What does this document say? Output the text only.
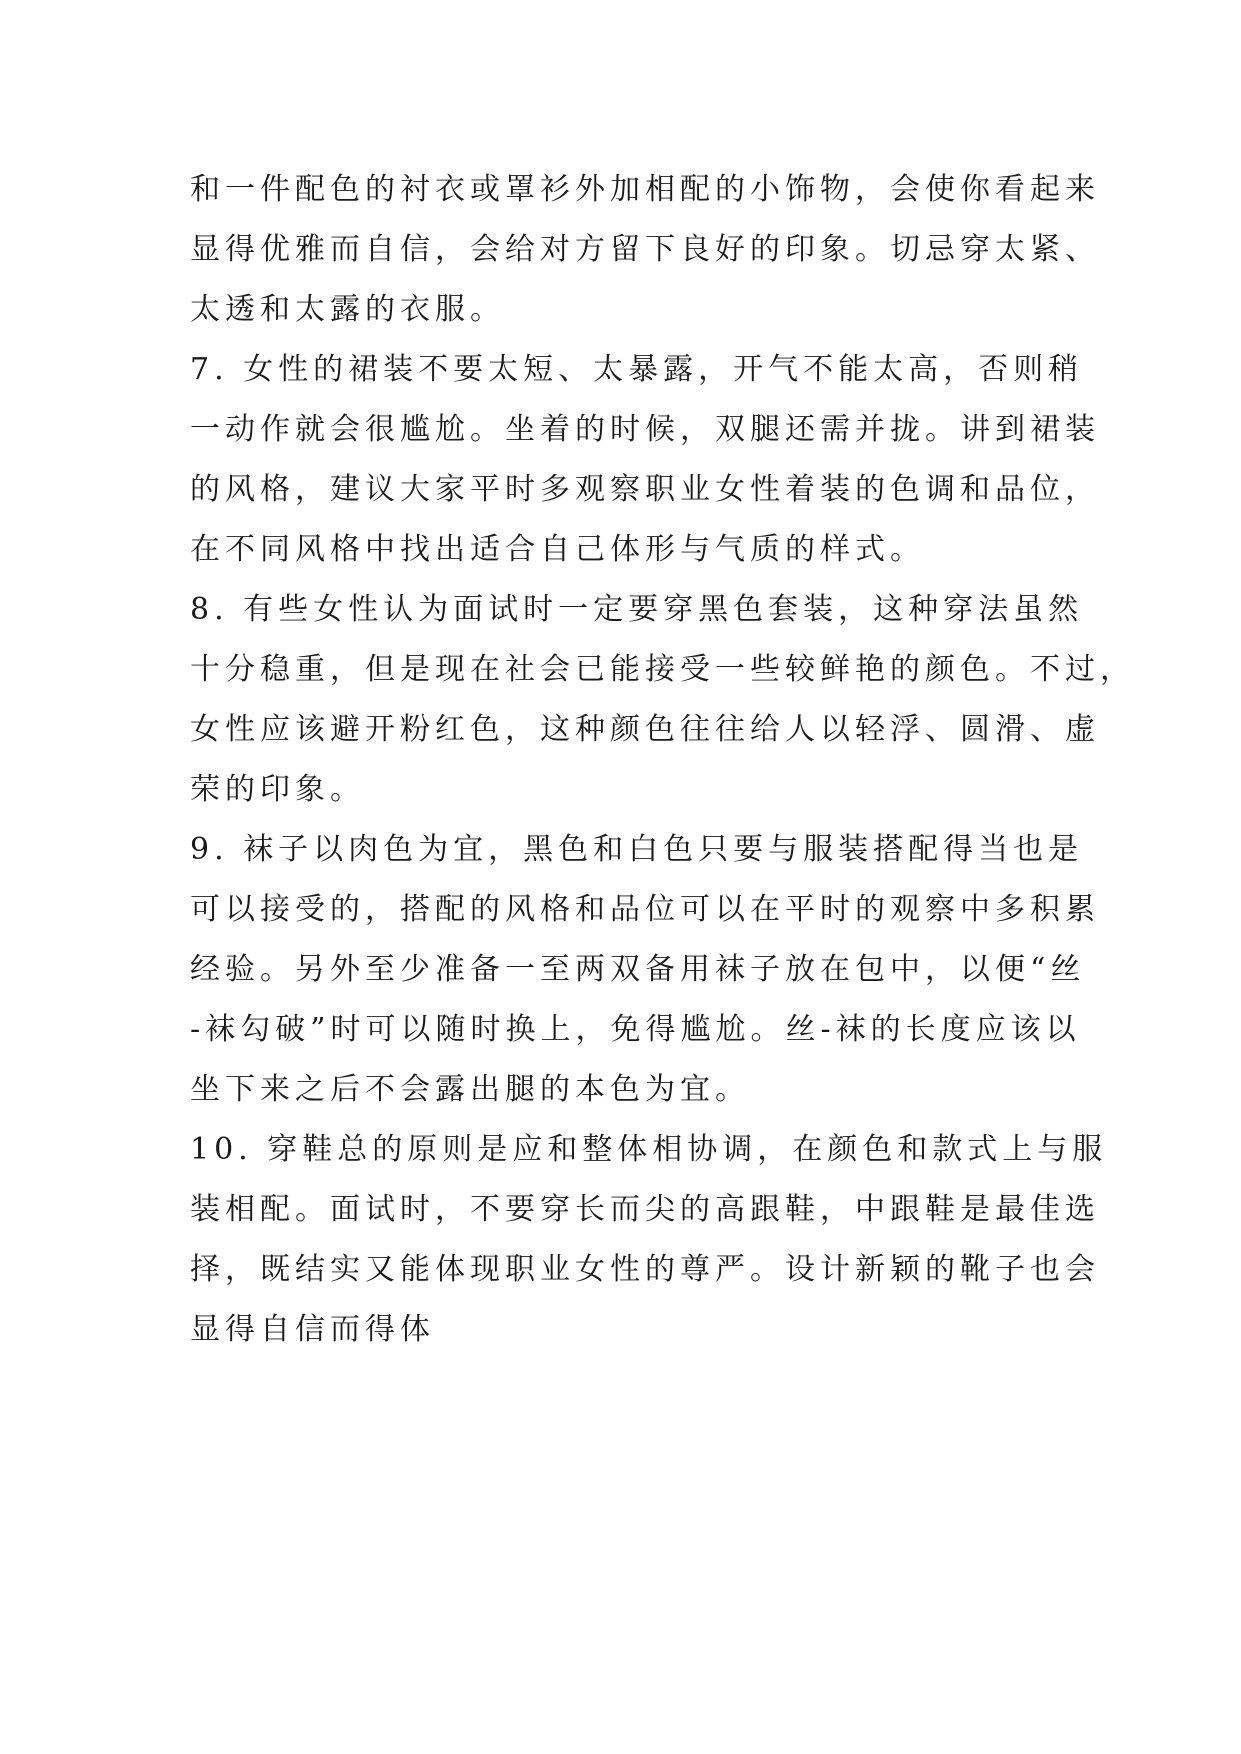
和一件配色的衬衣或罩衫外加相配的小饰物，会使你看起来
显得优雅而自信，会给对方留下良好的印象。切忌穿太紧、
太透和太露的衣服。
7. 女性的裙装不要太短、太暴露，开气不能太高，否则稍
一动作就会很尴尬。坐着的时候，双腿还需并拢。讲到裙装
的风格，建议大家平时多观察职业女性着装的色调和品位，
在不同风格中找出适合自己体形与气质的样式。
8. 有些女性认为面试时一定要穿黑色套装，这种穿法虽然
十分稳重，但是现在社会已能接受一些较鲜艳的颜色。不过，
女性应该避开粉红色，这种颜色往往给人以轻浮、圆滑、虚
荣的印象。
9. 袜子以肉色为宜，黑色和白色只要与服装搭配得当也是
可以接受的，搭配的风格和品位可以在平时的观察中多积累
经验。另外至少准备一至两双备用袜子放在包中，以便“丝
-袜勾破”时可以随时换上，免得尴尬。丝-袜的长度应该以
坐下来之后不会露出腿的本色为宜。
10. 穿鞋总的原则是应和整体相协调，在颜色和款式上与服
装相配。面试时，不要穿长而尖的高跟鞋，中跟鞋是最佳选
择，既结实又能体现职业女性的尊严。设计新颖的靴子也会
显得自信而得体
